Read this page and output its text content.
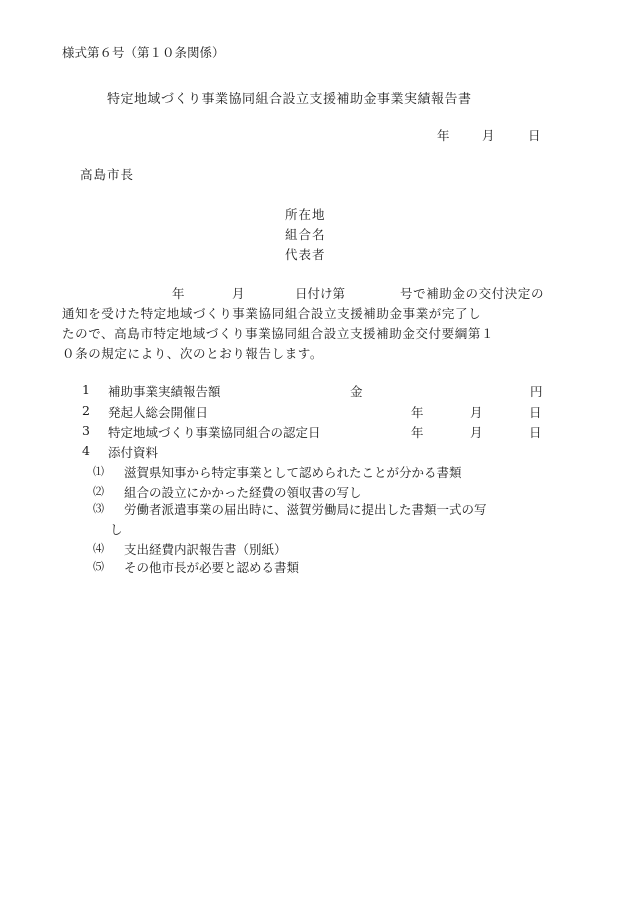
様式第６号（第１０条関係）
特定地域づくり事業協同組合設立支援補助金事業実績報告書
年	月	日
高島市長
所在地
組合名
代表者
年	月	日付け第	号で補助金の交付決定の
通知を受けた特定地域づくり事業協同組合設立支援補助金事業が完了し
たので、高島市特定地域づくり事業協同組合設立支援補助金交付要綱第１
０条の規定により、次のとおり報告します。
1 補助事業実績報告額	金	円
2 発起人総会開催日	年	月	日
3 特定地域づくり事業協同組合の認定日	年	月	日
4 添付資料
⑴ 滋賀県知事から特定事業として認められたことが分かる書類
⑵ 組合の設立にかかった経費の領収書の写し
⑶ 労働者派遣事業の届出時に、滋賀労働局に提出した書類一式の写
し
⑷ 支出経費内訳報告書（別紙）
⑸ その他市長が必要と認める書類
